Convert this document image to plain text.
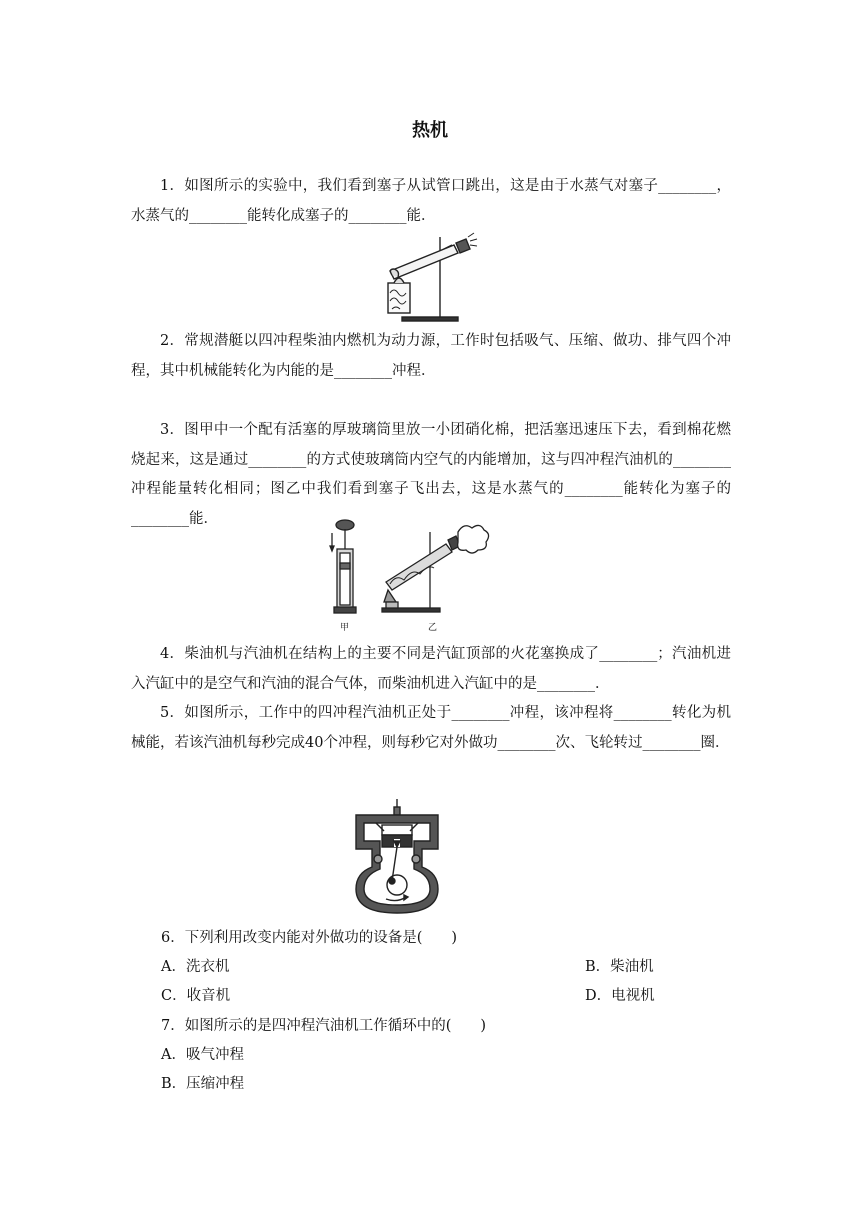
热机
1．如图所示的实验中，我们看到塞子从试管口跳出，这是由于水蒸气对塞子________，水蒸气的________能转化成塞子的________能．
2．常规潜艇以四冲程柴油内燃机为动力源，工作时包括吸气、压缩、做功、排气四个冲程，其中机械能转化为内能的是________冲程．
3．图甲中一个配有活塞的厚玻璃筒里放一小团硝化棉，把活塞迅速压下去，看到棉花燃烧起来，这是通过________的方式使玻璃筒内空气的内能增加，这与四冲程汽油机的________冲程能量转化相同；图乙中我们看到塞子飞出去，这是水蒸气的________能转化为塞子的________能．
甲	乙
4．柴油机与汽油机在结构上的主要不同是汽缸顶部的火花塞换成了________；汽油机进入汽缸中的是空气和汽油的混合气体，而柴油机进入汽缸中的是________．
5．如图所示，工作中的四冲程汽油机正处于________冲程，该冲程将________转化为机械能，若该汽油机每秒完成40个冲程，则每秒它对外做功________次、飞轮转过________圈．
6．下列利用改变内能对外做功的设备是(　　)
A．洗衣机	B．柴油机
C．收音机	D．电视机
7．如图所示的是四冲程汽油机工作循环中的(　　)
A．吸气冲程
B．压缩冲程
